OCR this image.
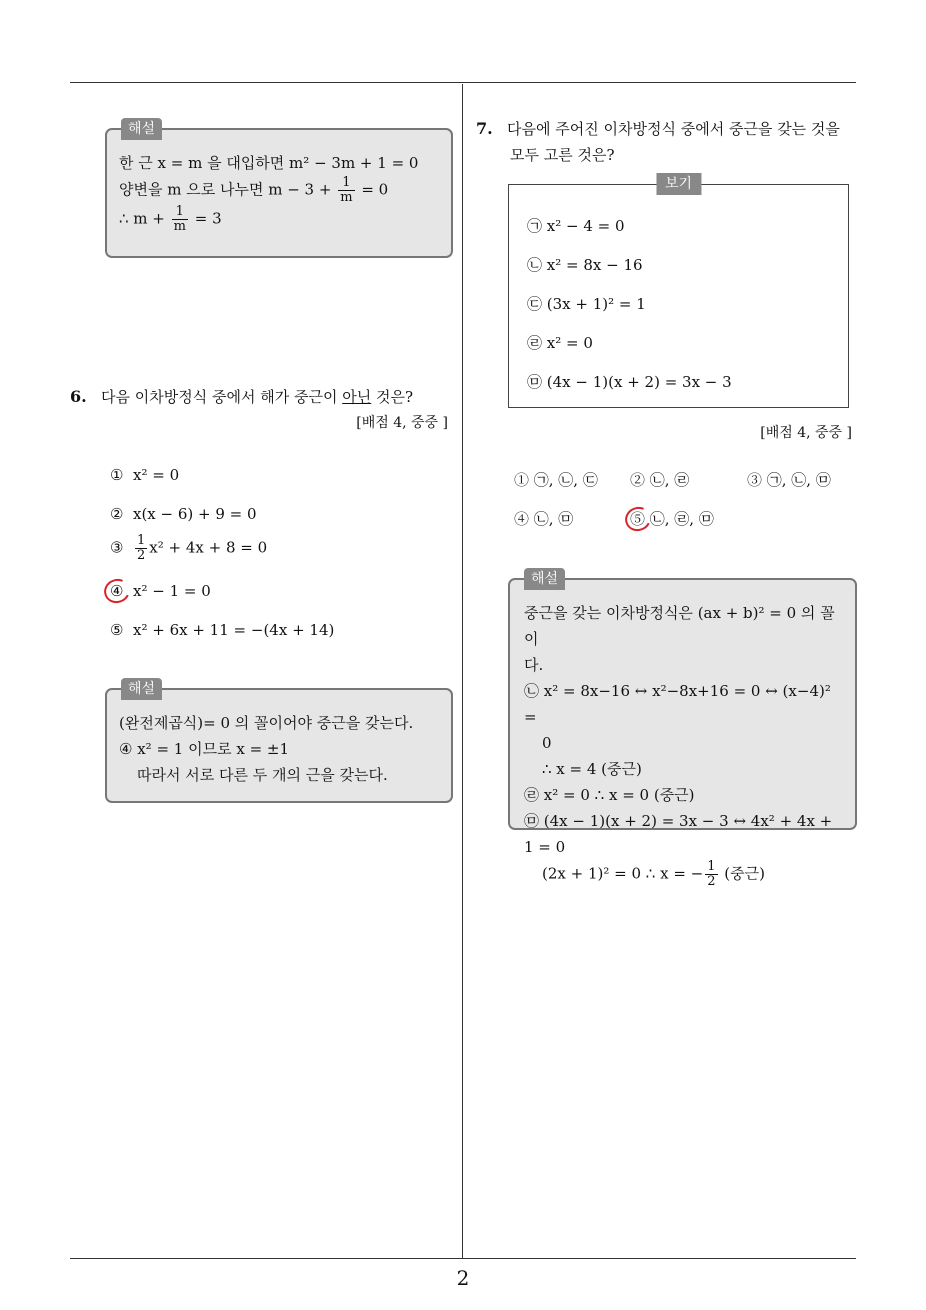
해설
한 근 x = m 을 대입하면 m² − 3m + 1 = 0
양변을 m 으로 나누면 $m - 3 + \frac{1}{m} = 0$
∴ $m + \frac{1}{m} = 3$
6. 다음 이차방정식 중에서 해가 중근이 아닌 것은?
[배점 4, 중중 ]
① x² = 0
② x(x − 6) + 9 = 0
③ $\frac{1}{2} x^2 + 4x + 8 = 0$
④ x² − 1 = 0
⑤ x² + 6x + 11 = −(4x + 14)
해설
(완전제곱식)= 0 의 꼴이어야 중근을 갖는다.
④ x² = 1 이므로 x = ±1
따라서 서로 다른 두 개의 근을 갖는다.
7. 다음에 주어진 이차방정식 중에서 중근을 갖는 것을
모두 고른 것은?
보기
㉠ x² − 4 = 0
㉡ x² = 8x − 16
㉢ (3x + 1)² = 1
㉣ x² = 0
㉤ (4x − 1)(x + 2) = 3x − 3
[배점 4, 중중 ]
① ㉠, ㉡, ㉢ ② ㉡, ㉣	③ ㉠, ㉡, ㉤
④ ㉡, ㉤	⑤ ㉡, ㉣, ㉤
해설
중근을 갖는 이차방정식은 (ax + b)² = 0 의 꼴이
다.
㉡ x² = 8x−16 ↔ x²−8x+16 = 0 ↔ (x−4)² =
0
∴ x = 4 (중근)
㉣ x² = 0 ∴ x = 0 (중근)
㉤ (4x − 1)(x + 2) = 3x − 3 ↔ 4x² + 4x + 1 = 0
(2x + 1)² = 0 ∴ x = − $\frac{1}{2}$ (중근)
2
